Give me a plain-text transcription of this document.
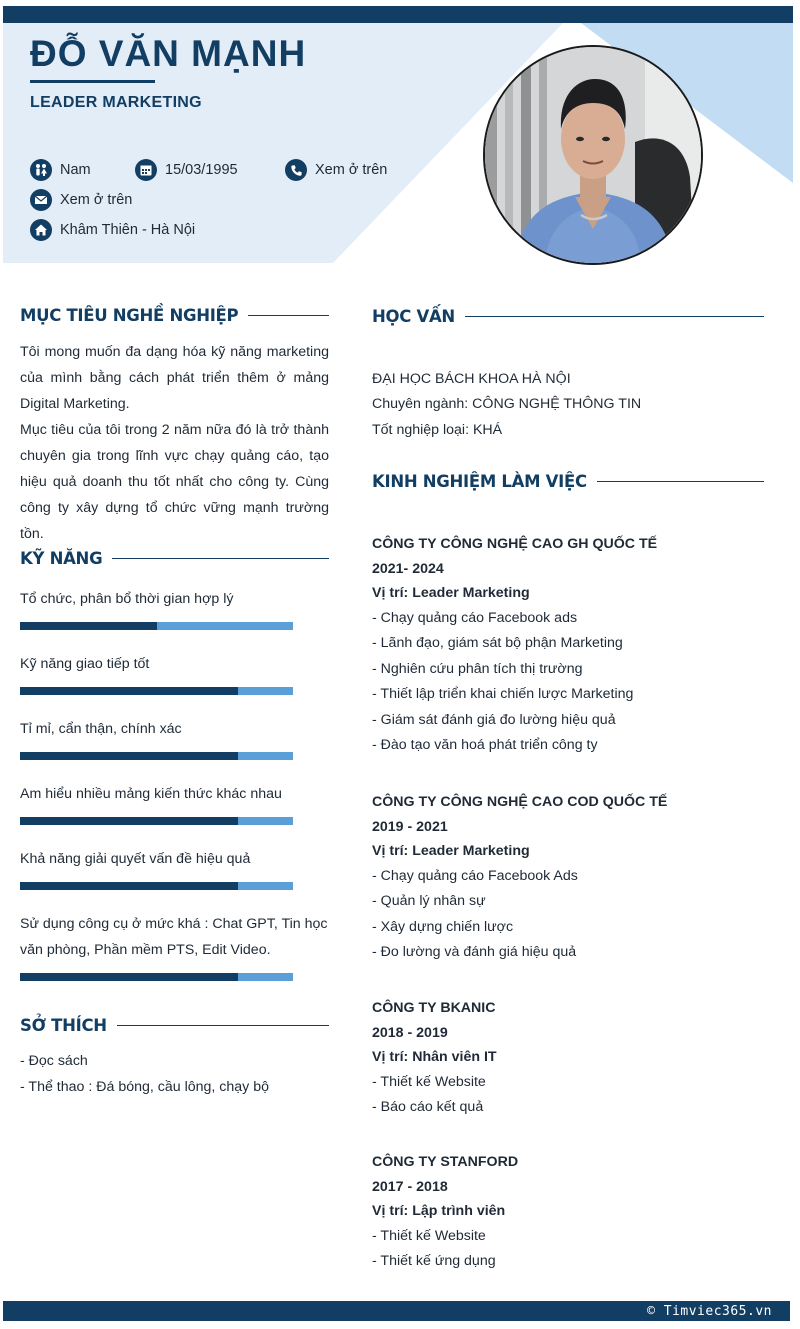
ĐỖ VĂN MẠNH
LEADER MARKETING
Nam	15/03/1995	Xem ở trên
Xem ở trên
Khâm Thiên - Hà Nội
MỤC TIÊU NGHỀ NGHIỆP

Tôi mong muốn đa dạng hóa kỹ năng marketing của mình bằng cách phát triển thêm ở mảng Digital Marketing.

Mục tiêu của tôi trong 2 năm nữa đó là trở thành chuyên gia trong lĩnh vực chạy quảng cáo, tạo hiệu quả doanh thu tốt nhất cho công ty. Cùng công ty xây dựng tổ chức vững mạnh trường tồn.

KỸ NĂNG
Tổ chức, phân bổ thời gian hợp lý
Kỹ năng giao tiếp tốt
Tỉ mỉ, cẩn thận, chính xác
Am hiểu nhiều mảng kiến thức khác nhau
Khả năng giải quyết vấn đề hiệu quả
Sử dụng công cụ ở mức khá : Chat GPT, Tin học văn phòng, Phần mềm PTS, Edit Video.
SỞ THÍCH
- Đọc sách
- Thể thao : Đá bóng, cầu lông, chạy bộ
HỌC VẤN
ĐẠI HỌC BÁCH KHOA HÀ NỘI
Chuyên ngành: CÔNG NGHỆ THÔNG TIN
Tốt nghiệp loại: KHÁ
KINH NGHIỆM LÀM VIỆC
CÔNG TY CÔNG NGHỆ CAO GH QUỐC TẾ
2021- 2024
Vị trí: Leader Marketing
- Chạy quảng cáo Facebook ads
- Lãnh đạo, giám sát bộ phận Marketing
- Nghiên cứu phân tích thị trường
- Thiết lập triển khai chiến lược Marketing
- Giám sát đánh giá đo lường hiệu quả
- Đào tạo văn hoá phát triển công ty
CÔNG TY CÔNG NGHỆ CAO COD QUỐC TẾ
2019 - 2021
Vị trí: Leader Marketing
- Chạy quảng cáo Facebook Ads
- Quản lý nhân sự
- Xây dựng chiến lược
- Đo lường và đánh giá hiệu quả
CÔNG TY BKANIC
2018 - 2019
Vị trí: Nhân viên IT
- Thiết kế Website
- Báo cáo kết quả
CÔNG TY STANFORD
2017 - 2018
Vị trí: Lập trình viên
- Thiết kế Website
- Thiết kế ứng dụng
© Timviec365.vn
